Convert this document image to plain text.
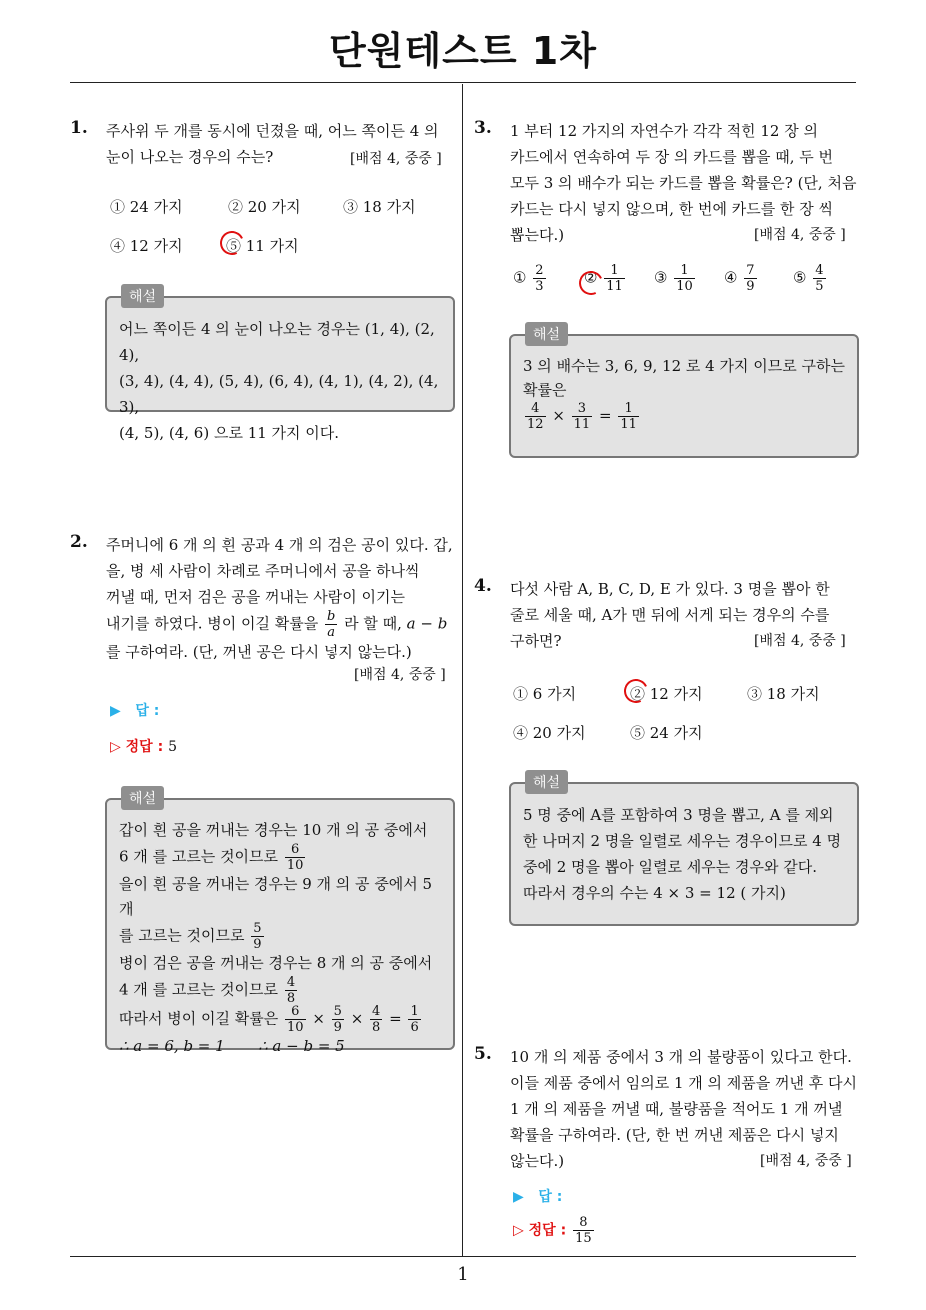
단원테스트 1차
1
1. 주사위 두 개를 동시에 던졌을 때, 어느 쪽이든 4 의
눈이 나오는 경우의 수는?	[배점 4, 중중 ]
① 24 가지	② 20 가지	③ 18 가지
④ 12 가지	⑤ 11 가지
해설
어느 쪽이든 4 의 눈이 나오는 경우는 (1, 4), (2, 4),
(3, 4), (4, 4), (5, 4), (6, 4), (4, 1), (4, 2), (4, 3),
(4, 5), (4, 6) 으로 11 가지 이다.
2. 주머니에 6 개 의 흰 공과 4 개 의 검은 공이 있다. 갑,
을, 병 세 사람이 차례로 주머니에서 공을 하나씩
꺼낼 때, 먼저 검은 공을 꺼내는 사람이 이기는
내기를 하였다. 병이 이길 확률을 $\frac{b}{a}$ 라 할 때, a − b
를 구하여라. (단, 꺼낸 공은 다시 넣지 않는다.)
[배점 4, 중중 ]
▶ 답 :
▷ 정답 : 5
해설
갑이 흰 공을 꺼내는 경우는 10 개 의 공 중에서
6 개 를 고르는 것이므로 $\frac{6}{10}$
을이 흰 공을 꺼내는 경우는 9 개 의 공 중에서 5 개
를 고르는 것이므로 $\frac{5}{9}$
병이 검은 공을 꺼내는 경우는 8 개 의 공 중에서
4 개 를 고르는 것이므로 $\frac{4}{8}$
따라서 병이 이길 확률은 $\frac{6}{10} \times \frac{5}{9} \times \frac{4}{8} = \frac{1}{6}$
∴ a = 6, b = 1 ∴ a − b = 5
3. 1 부터 12 가지의 자연수가 각각 적힌 12 장 의
카드에서 연속하여 두 장 의 카드를 뽑을 때, 두 번
모두 3 의 배수가 되는 카드를 뽑을 확률은? (단, 처음
카드는 다시 넣지 않으며, 한 번에 카드를 한 장 씩
뽑는다.)	[배점 4, 중중 ]
① $\frac{2}{3}$	② $\frac{1}{11}$ ③ $\frac{1}{10}$ ④ $\frac{7}{9}$ ⑤ $\frac{4}{5}$
해설
3 의 배수는 3, 6, 9, 12 로 4 가지 이므로 구하는
확률은
$\frac{4}{12} \times \frac{3}{11} = \frac{1}{11}$
4. 다섯 사람 A, B, C, D, E 가 있다. 3 명을 뽑아 한
줄로 세울 때, A가 맨 뒤에 서게 되는 경우의 수를
구하면?	[배점 4, 중중 ]
① 6 가지	② 12 가지	③ 18 가지
④ 20 가지	⑤ 24 가지
해설
5 명 중에 A를 포함하여 3 명을 뽑고, A 를 제외
한 나머지 2 명을 일렬로 세우는 경우이므로 4 명
중에 2 명을 뽑아 일렬로 세우는 경우와 같다.
따라서 경우의 수는 4 × 3 = 12 ( 가지)
5. 10 개 의 제품 중에서 3 개 의 불량품이 있다고 한다.
이들 제품 중에서 임의로 1 개 의 제품을 꺼낸 후 다시
1 개 의 제품을 꺼낼 때, 불량품을 적어도 1 개 꺼낼
확률을 구하여라. (단, 한 번 꺼낸 제품은 다시 넣지
않는다.)	[배점 4, 중중 ]
▶ 답 :
▷ 정답 : $\frac{8}{15}$
